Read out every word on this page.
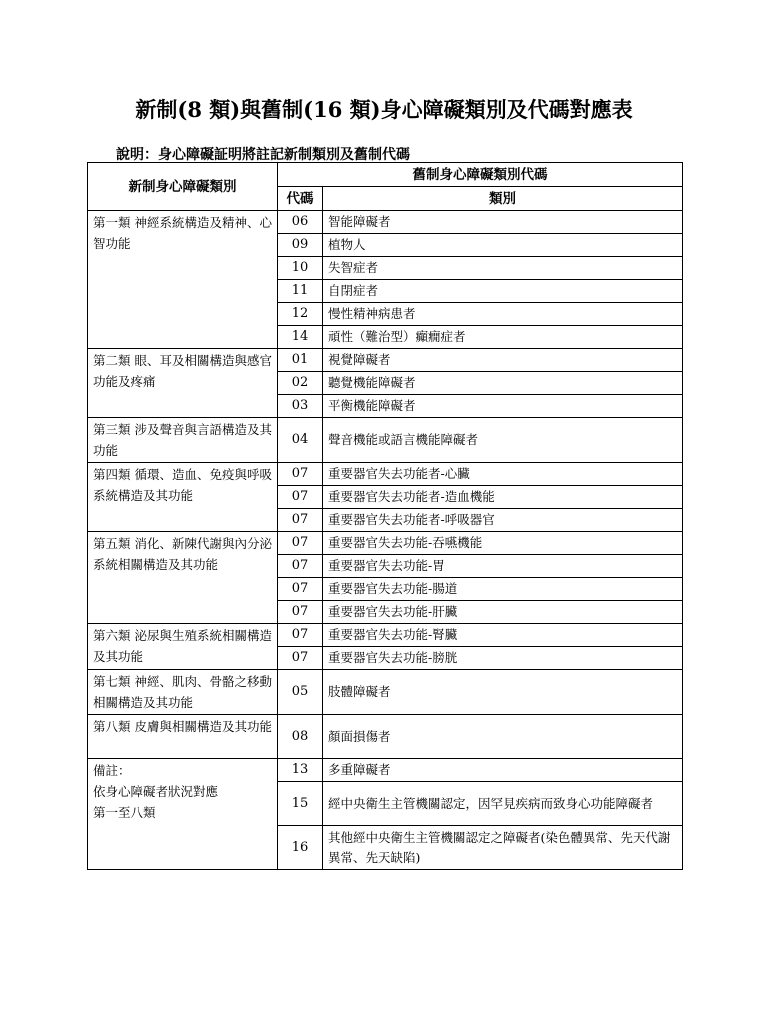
新制(8 類)與舊制(16 類)身心障礙類別及代碼對應表
說明：身心障礙証明將註記新制類別及舊制代碼
新制身心障礙類別	舊制身心障礙類別代碼	
	代碼	類別
第一類 神經系統構造及精神、心智功能	06	智能障礙者
	09	植物人
	10	失智症者
	11	自閉症者
	12	慢性精神病患者
	14	頑性（難治型）癲癇症者
第二類 眼、耳及相關構造與感官功能及疼痛	01	視覺障礙者
	02	聽覺機能障礙者
	03	平衡機能障礙者
第三類 涉及聲音與言語構造及其功能	04	聲音機能或語言機能障礙者
第四類 循環、造血、免疫與呼吸系統構造及其功能	07	重要器官失去功能者-心臟
	07	重要器官失去功能者-造血機能
	07	重要器官失去功能者-呼吸器官
第五類 消化、新陳代謝與內分泌系統相關構造及其功能	07	重要器官失去功能-吞嚥機能
	07	重要器官失去功能-胃
	07	重要器官失去功能-腸道
	07	重要器官失去功能-肝臟
第六類 泌尿與生殖系統相關構造及其功能	07	重要器官失去功能-腎臟
	07	重要器官失去功能-膀胱
第七類 神經、肌肉、骨骼之移動相關構造及其功能	05	肢體障礙者
第八類 皮膚與相關構造及其功能	08	顏面損傷者
備註：
依身心障礙者狀況對應
第一至八類	13	多重障礙者
	15	經中央衛生主管機關認定，因罕見疾病而致身心功能障礙者
	16	其他經中央衛生主管機關認定之障礙者(染色體異常、先天代謝異常、先天缺陷)
